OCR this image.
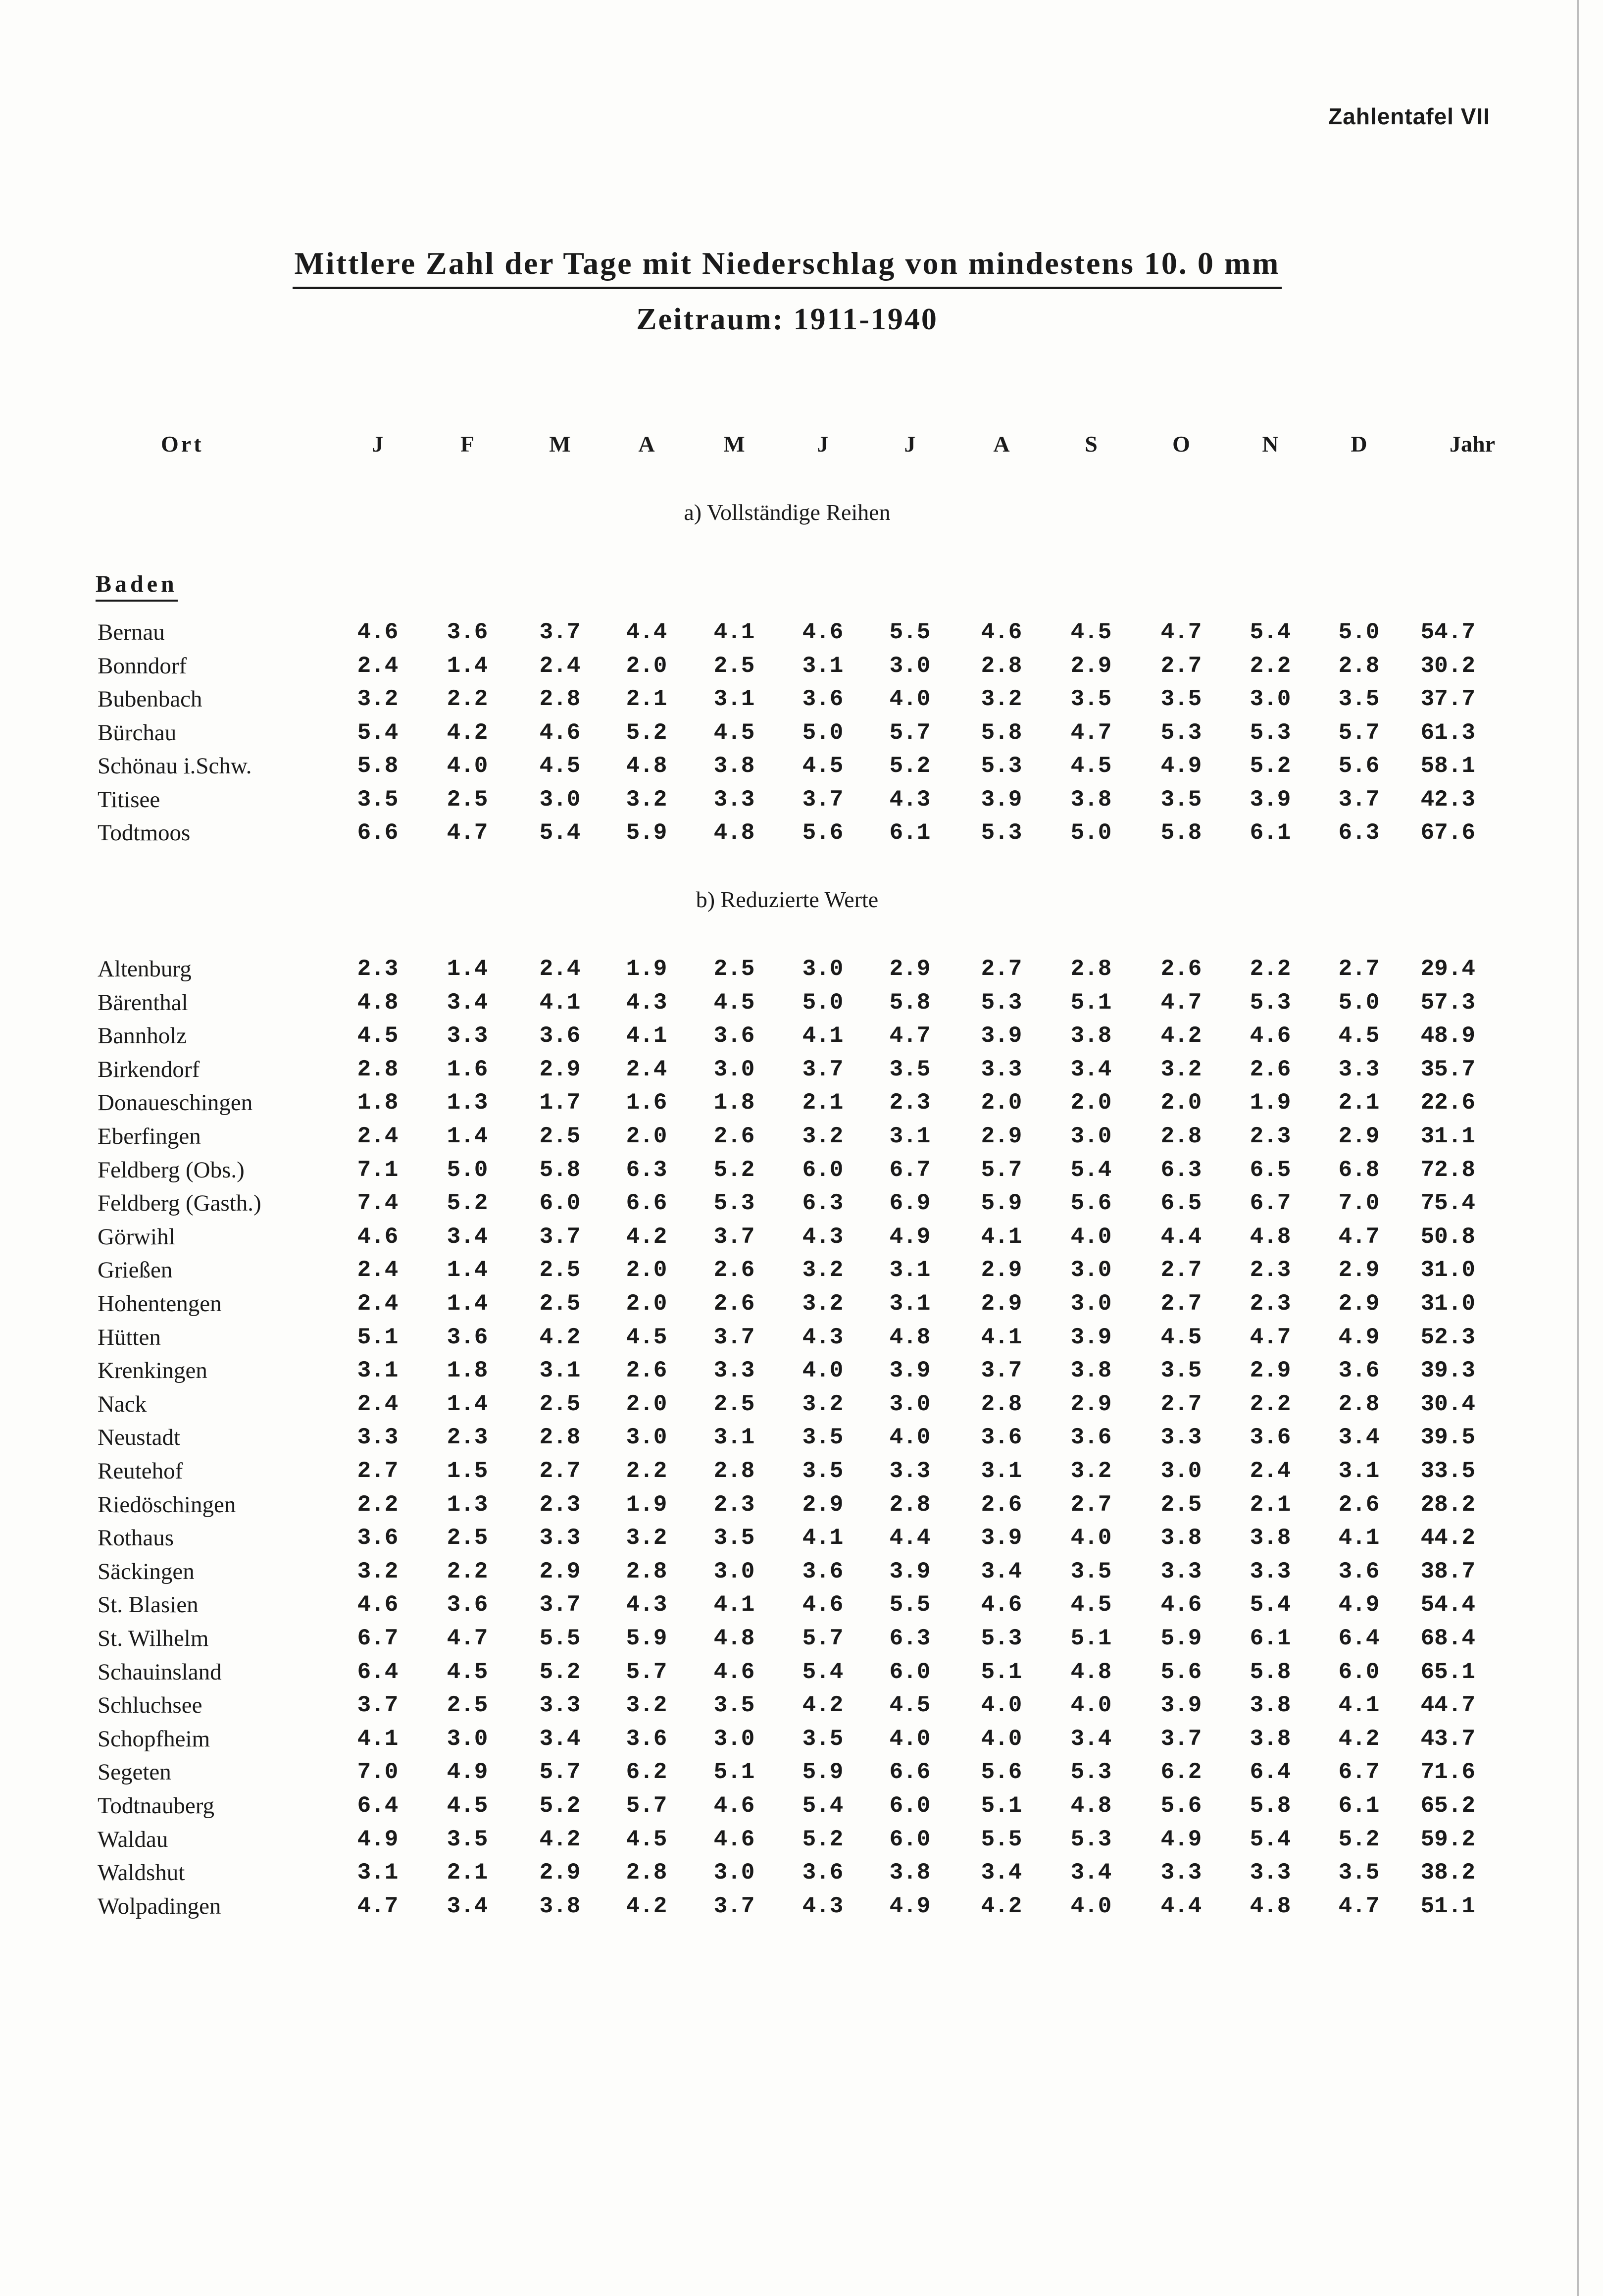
Zahlentafel VII
Mittlere Zahl der Tage mit Niederschlag von mindestens 10. 0 mm
Zeitraum: 1911-1940
Ort	J	F	M	A	M	J	J	A	S	O	N	D	Jahr
a) Vollständige Reihen
Baden
Bernau	4.6	3.6	3.7	4.4	4.1	4.6	5.5	4.6	4.5	4.7	5.4	5.0	54.7
Bonndorf	2.4	1.4	2.4	2.0	2.5	3.1	3.0	2.8	2.9	2.7	2.2	2.8	30.2
Bubenbach	3.2	2.2	2.8	2.1	3.1	3.6	4.0	3.2	3.5	3.5	3.0	3.5	37.7
Bürchau	5.4	4.2	4.6	5.2	4.5	5.0	5.7	5.8	4.7	5.3	5.3	5.7	61.3
Schönau i.Schw.	5.8	4.0	4.5	4.8	3.8	4.5	5.2	5.3	4.5	4.9	5.2	5.6	58.1
Titisee	3.5	2.5	3.0	3.2	3.3	3.7	4.3	3.9	3.8	3.5	3.9	3.7	42.3
Todtmoos	6.6	4.7	5.4	5.9	4.8	5.6	6.1	5.3	5.0	5.8	6.1	6.3	67.6
b) Reduzierte Werte
Altenburg	2.3	1.4	2.4	1.9	2.5	3.0	2.9	2.7	2.8	2.6	2.2	2.7	29.4
Bärenthal	4.8	3.4	4.1	4.3	4.5	5.0	5.8	5.3	5.1	4.7	5.3	5.0	57.3
Bannholz	4.5	3.3	3.6	4.1	3.6	4.1	4.7	3.9	3.8	4.2	4.6	4.5	48.9
Birkendorf	2.8	1.6	2.9	2.4	3.0	3.7	3.5	3.3	3.4	3.2	2.6	3.3	35.7
Donaueschingen	1.8	1.3	1.7	1.6	1.8	2.1	2.3	2.0	2.0	2.0	1.9	2.1	22.6
Eberfingen	2.4	1.4	2.5	2.0	2.6	3.2	3.1	2.9	3.0	2.8	2.3	2.9	31.1
Feldberg (Obs.)	7.1	5.0	5.8	6.3	5.2	6.0	6.7	5.7	5.4	6.3	6.5	6.8	72.8
Feldberg (Gasth.)	7.4	5.2	6.0	6.6	5.3	6.3	6.9	5.9	5.6	6.5	6.7	7.0	75.4
Görwihl	4.6	3.4	3.7	4.2	3.7	4.3	4.9	4.1	4.0	4.4	4.8	4.7	50.8
Grießen	2.4	1.4	2.5	2.0	2.6	3.2	3.1	2.9	3.0	2.7	2.3	2.9	31.0
Hohentengen	2.4	1.4	2.5	2.0	2.6	3.2	3.1	2.9	3.0	2.7	2.3	2.9	31.0
Hütten	5.1	3.6	4.2	4.5	3.7	4.3	4.8	4.1	3.9	4.5	4.7	4.9	52.3
Krenkingen	3.1	1.8	3.1	2.6	3.3	4.0	3.9	3.7	3.8	3.5	2.9	3.6	39.3
Nack	2.4	1.4	2.5	2.0	2.5	3.2	3.0	2.8	2.9	2.7	2.2	2.8	30.4
Neustadt	3.3	2.3	2.8	3.0	3.1	3.5	4.0	3.6	3.6	3.3	3.6	3.4	39.5
Reutehof	2.7	1.5	2.7	2.2	2.8	3.5	3.3	3.1	3.2	3.0	2.4	3.1	33.5
Riedöschingen	2.2	1.3	2.3	1.9	2.3	2.9	2.8	2.6	2.7	2.5	2.1	2.6	28.2
Rothaus	3.6	2.5	3.3	3.2	3.5	4.1	4.4	3.9	4.0	3.8	3.8	4.1	44.2
Säckingen	3.2	2.2	2.9	2.8	3.0	3.6	3.9	3.4	3.5	3.3	3.3	3.6	38.7
St. Blasien	4.6	3.6	3.7	4.3	4.1	4.6	5.5	4.6	4.5	4.6	5.4	4.9	54.4
St. Wilhelm	6.7	4.7	5.5	5.9	4.8	5.7	6.3	5.3	5.1	5.9	6.1	6.4	68.4
Schauinsland	6.4	4.5	5.2	5.7	4.6	5.4	6.0	5.1	4.8	5.6	5.8	6.0	65.1
Schluchsee	3.7	2.5	3.3	3.2	3.5	4.2	4.5	4.0	4.0	3.9	3.8	4.1	44.7
Schopfheim	4.1	3.0	3.4	3.6	3.0	3.5	4.0	4.0	3.4	3.7	3.8	4.2	43.7
Segeten	7.0	4.9	5.7	6.2	5.1	5.9	6.6	5.6	5.3	6.2	6.4	6.7	71.6
Todtnauberg	6.4	4.5	5.2	5.7	4.6	5.4	6.0	5.1	4.8	5.6	5.8	6.1	65.2
Waldau	4.9	3.5	4.2	4.5	4.6	5.2	6.0	5.5	5.3	4.9	5.4	5.2	59.2
Waldshut	3.1	2.1	2.9	2.8	3.0	3.6	3.8	3.4	3.4	3.3	3.3	3.5	38.2
Wolpadingen	4.7	3.4	3.8	4.2	3.7	4.3	4.9	4.2	4.0	4.4	4.8	4.7	51.1
